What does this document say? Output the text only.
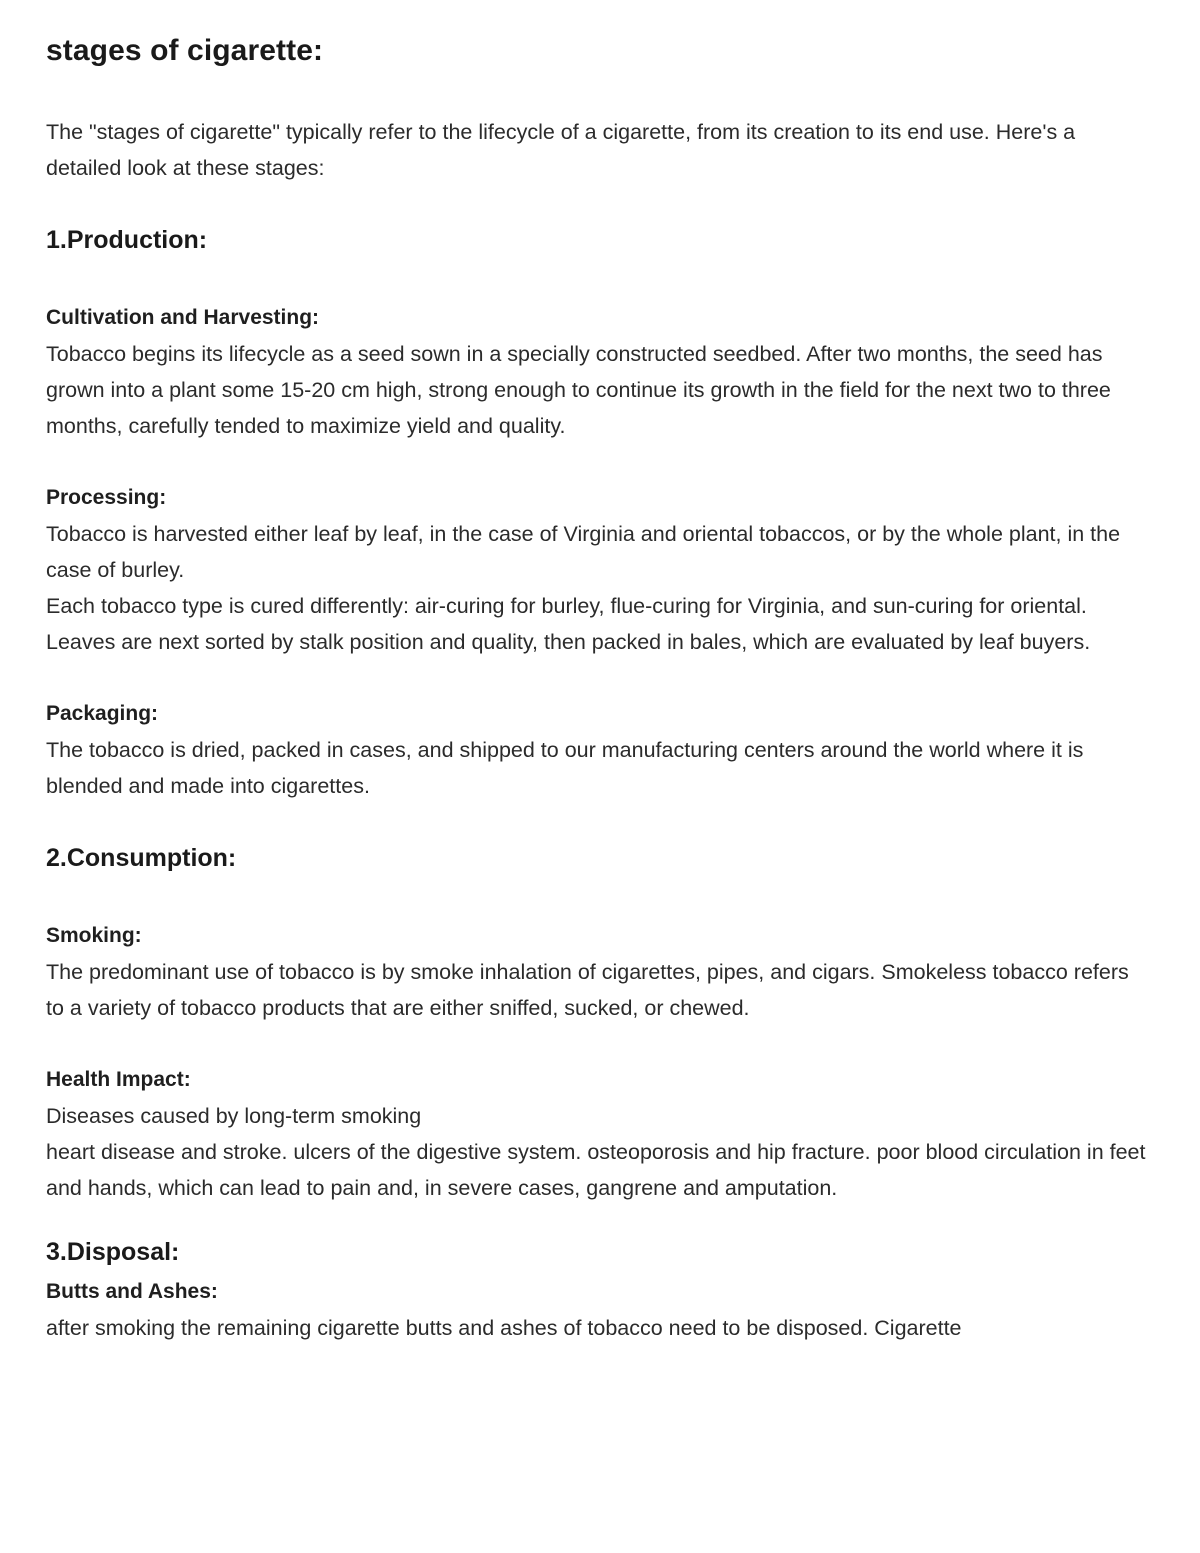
stages of cigarette:

The "stages of cigarette" typically refer to the lifecycle of a cigarette, from its creation to its end use. Here's a detailed look at these stages:

1.Production:
Cultivation and Harvesting:

Tobacco begins its lifecycle as a seed sown in a specially constructed seedbed. After two months, the seed has grown into a plant some 15-20 cm high, strong enough to continue its growth in the field for the next two to three months, carefully tended to maximize yield and quality.

Processing:

Tobacco is harvested either leaf by leaf, in the case of Virginia and oriental tobaccos, or by the whole plant, in the case of burley.

Each tobacco type is cured differently: air-curing for burley, flue-curing for Virginia, and sun-curing for oriental.

Leaves are next sorted by stalk position and quality, then packed in bales, which are evaluated by leaf buyers.

Packaging:

The tobacco is dried, packed in cases, and shipped to our manufacturing centers around the world where it is blended and made into cigarettes.

2.Consumption:
Smoking:

The predominant use of tobacco is by smoke inhalation of cigarettes, pipes, and cigars. Smokeless tobacco refers to a variety of tobacco products that are either sniffed, sucked, or chewed.

Health Impact:

Diseases caused by long-term smoking

heart disease and stroke. ulcers of the digestive system. osteoporosis and hip fracture. poor blood circulation in feet and hands, which can lead to pain and, in severe cases, gangrene and amputation.

3.Disposal:
Butts and Ashes:

after smoking the remaining cigarette butts and ashes of tobacco need to be disposed. Cigarette
